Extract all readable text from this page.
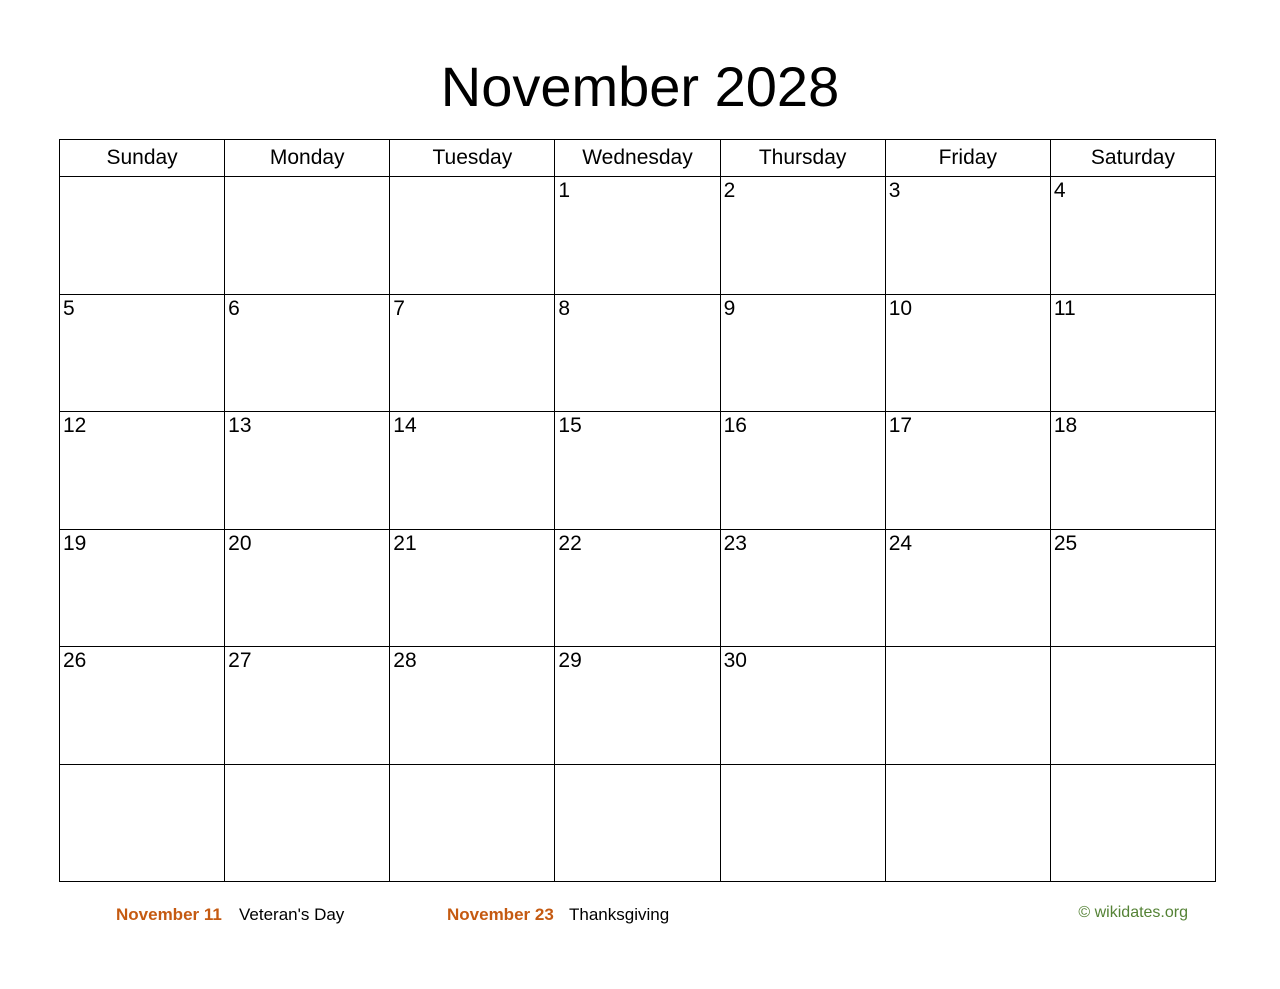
November 2028
Sunday	Monday	Tuesday	Wednesday	Thursday	Friday	Saturday

			1	2	3	4

5	6	7	8	9	10	11

12	13	14	15	16	17	18

19	20	21	22	23	24	25

26	27	28	29	30		

November 11 Veteran's Day	November 23 Thanksgiving	© wikidates.org
